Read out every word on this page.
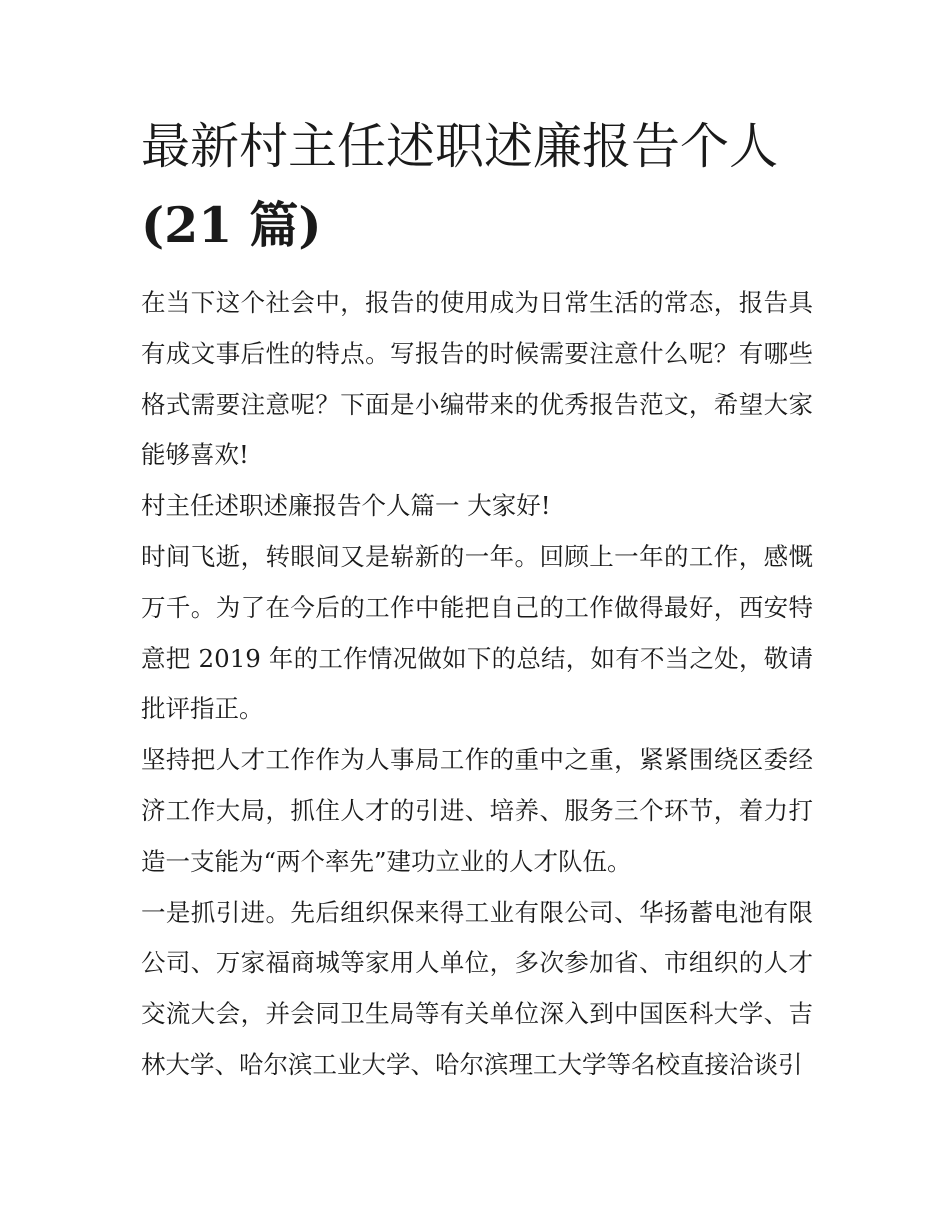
最新村主任述职述廉报告个人
(21 篇)

在当下这个社会中，报告的使用成为日常生活的常态，报告具有成文事后性的特点。写报告的时候需要注意什么呢？有哪些格式需要注意呢？下面是小编带来的优秀报告范文，希望大家能够喜欢!

村主任述职述廉报告个人篇一 大家好!

时间飞逝，转眼间又是崭新的一年。回顾上一年的工作，感慨万千。为了在今后的工作中能把自己的工作做得最好，西安特意把 2019 年的工作情况做如下的总结，如有不当之处，敬请批评指正。

坚持把人才工作作为人事局工作的重中之重，紧紧围绕区委经济工作大局，抓住人才的引进、培养、服务三个环节，着力打造一支能为“两个率先”建功立业的人才队伍。

一是抓引进。先后组织保来得工业有限公司、华扬蓄电池有限公司、万家福商城等家用人单位，多次参加省、市组织的人才交流大会，并会同卫生局等有关单位深入到中国医科大学、吉林大学、哈尔滨工业大学、哈尔滨理工大学等名校直接洽谈引
